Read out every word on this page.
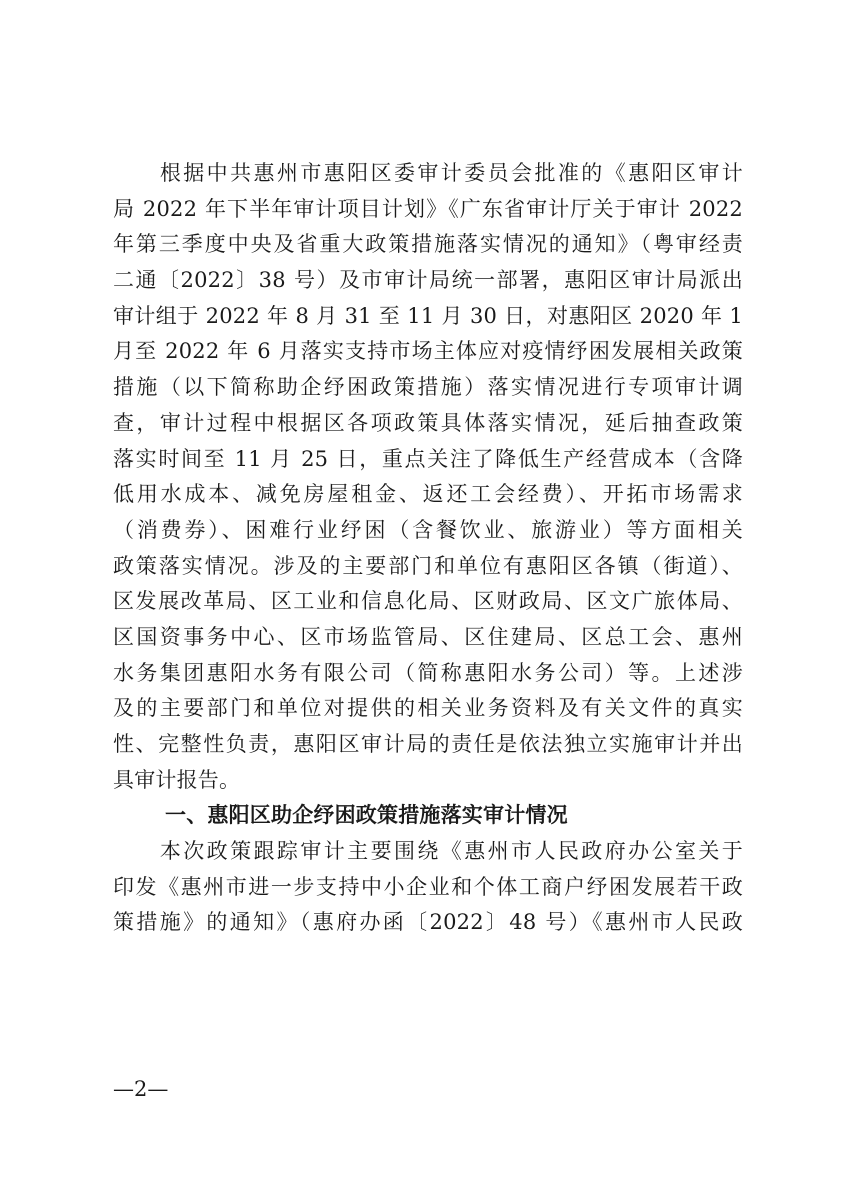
　　根据中共惠州市惠阳区委审计委员会批准的《惠阳区审计
局 2022 年下半年审计项目计划》《广东省审计厅关于审计 2022
年第三季度中央及省重大政策措施落实情况的通知》（粤审经责
二通〔2022〕38 号）及市审计局统一部署，惠阳区审计局派出
审计组于 2022 年 8 月 31 至 11 月 30 日，对惠阳区 2020 年 1
月至 2022 年 6 月落实支持市场主体应对疫情纾困发展相关政策
措施（以下简称助企纾困政策措施）落实情况进行专项审计调
查，审计过程中根据区各项政策具体落实情况，延后抽查政策
落实时间至 11 月 25 日，重点关注了降低生产经营成本（含降
低用水成本、减免房屋租金、返还工会经费）、开拓市场需求
（消费券）、困难行业纾困（含餐饮业、旅游业）等方面相关
政策落实情况。涉及的主要部门和单位有惠阳区各镇（街道）、
区发展改革局、区工业和信息化局、区财政局、区文广旅体局、
区国资事务中心、区市场监管局、区住建局、区总工会、惠州
水务集团惠阳水务有限公司（简称惠阳水务公司）等。上述涉
及的主要部门和单位对提供的相关业务资料及有关文件的真实
性、完整性负责，惠阳区审计局的责任是依法独立实施审计并出
具审计报告。
一、惠阳区助企纾困政策措施落实审计情况
　　本次政策跟踪审计主要围绕《惠州市人民政府办公室关于
印发《惠州市进一步支持中小企业和个体工商户纾困发展若干政
策措施》的通知》（惠府办函〔2022〕48 号）《惠州市人民政
—2—
